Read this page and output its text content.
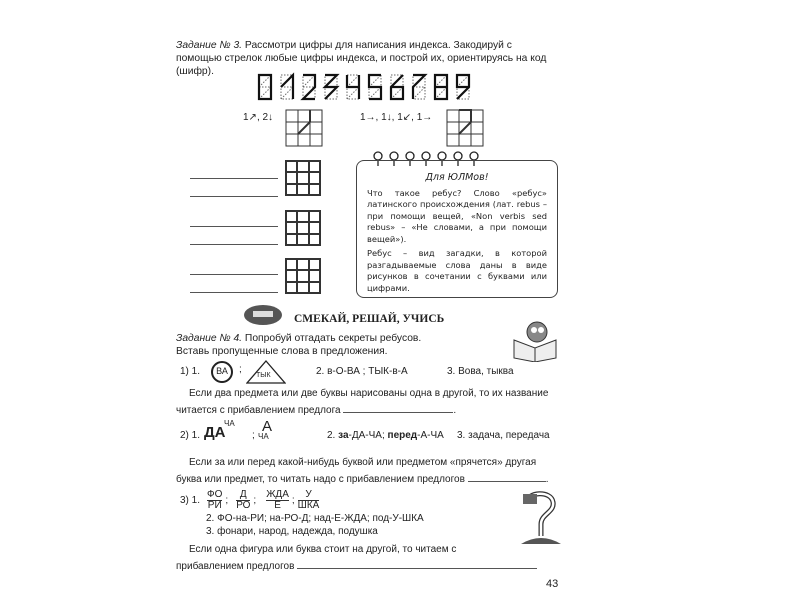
Задание № 3. Рассмотри цифры для написания индекса. Закодируй с
помощью стрелок любые цифры индекса, и построй их, ориентируясь на код
(шифр).
1↗, 2↓	1→, 1↓, 1↙, 1→
Для ЮЛМов!

Что такое ребус? Слово «ребус» латинского происхождения (лат. rebus – при помощи вещей, «Non verbis sed rebus» – «Не словами, а при помощи вещей»).

Ребус – вид загадки, в которой разгадываемые слова даны в виде рисунков в сочетании с буквами или цифрами.

СМЕКАЙ, РЕШАЙ, УЧИСЬ
Задание № 4. Попробуй отгадать секреты ребусов.
Вставь пропущенные слова в предложения.
1) 1.	ВА	;
ТЫК	2. в-О-ВА ; ТЫК-в-А	3. Вова, тыква
Если два предмета или две буквы нарисованы одна в другой, то их название
читается с прибавлением предлога	.
2) 1. ДА
ЧА
; ЧА
А
2. за-ДА-ЧА; перед-А-ЧА 3. задача, передача
Если за или перед какой-нибудь буквой или предметом «прячется» другая
буква или предмет, то читать надо с прибавлением предлогов	.
3) 1. $\frac{ФО}{РИ}$ ; $\frac{Д}{РО}$ ; $\frac{\text{ЖДА}}{Е}$ ; $\frac{У}{\text{ШКА}}$
2. ФО-на-РИ; на-РО-Д; над-Е-ЖДА; под-У-ШКА
3. фонари, народ, надежда, подушка
Если одна фигура или буква стоит на другой, то читаем с
прибавлением предлогов
43
